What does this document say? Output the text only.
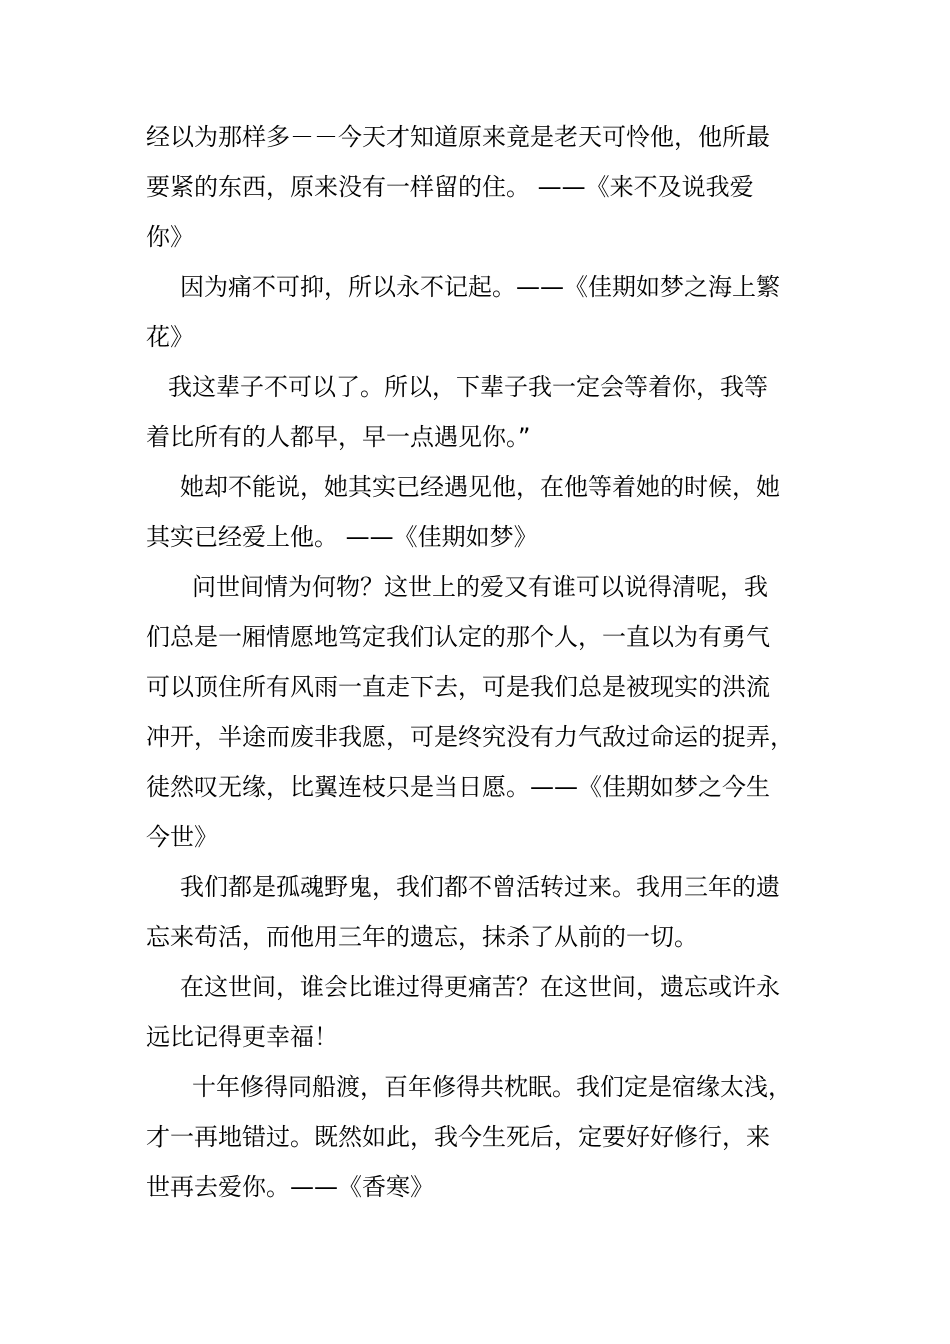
经以为那样多－－今天才知道原来竟是老天可怜他，他所最
要紧的东西，原来没有一样留的住。 ——《来不及说我爱
你》
因为痛不可抑，所以永不记起。——《佳期如梦之海上繁
花》
我这辈子不可以了。所以，下辈子我一定会等着你，我等
着比所有的人都早，早一点遇见你。”
她却不能说，她其实已经遇见他，在他等着她的时候，她
其实已经爱上他。 ——《佳期如梦》
问世间情为何物？这世上的爱又有谁可以说得清呢，我
们总是一厢情愿地笃定我们认定的那个人，一直以为有勇气
可以顶住所有风雨一直走下去，可是我们总是被现实的洪流
冲开，半途而废非我愿，可是终究没有力气敌过命运的捉弄，
徒然叹无缘，比翼连枝只是当日愿。——《佳期如梦之今生
今世》
我们都是孤魂野鬼，我们都不曾活转过来。我用三年的遗
忘来苟活，而他用三年的遗忘，抹杀了从前的一切。
在这世间，谁会比谁过得更痛苦？在这世间，遗忘或许永
远比记得更幸福！
十年修得同船渡，百年修得共枕眠。我们定是宿缘太浅，
才一再地错过。既然如此，我今生死后，定要好好修行，来
世再去爱你。——《香寒》
